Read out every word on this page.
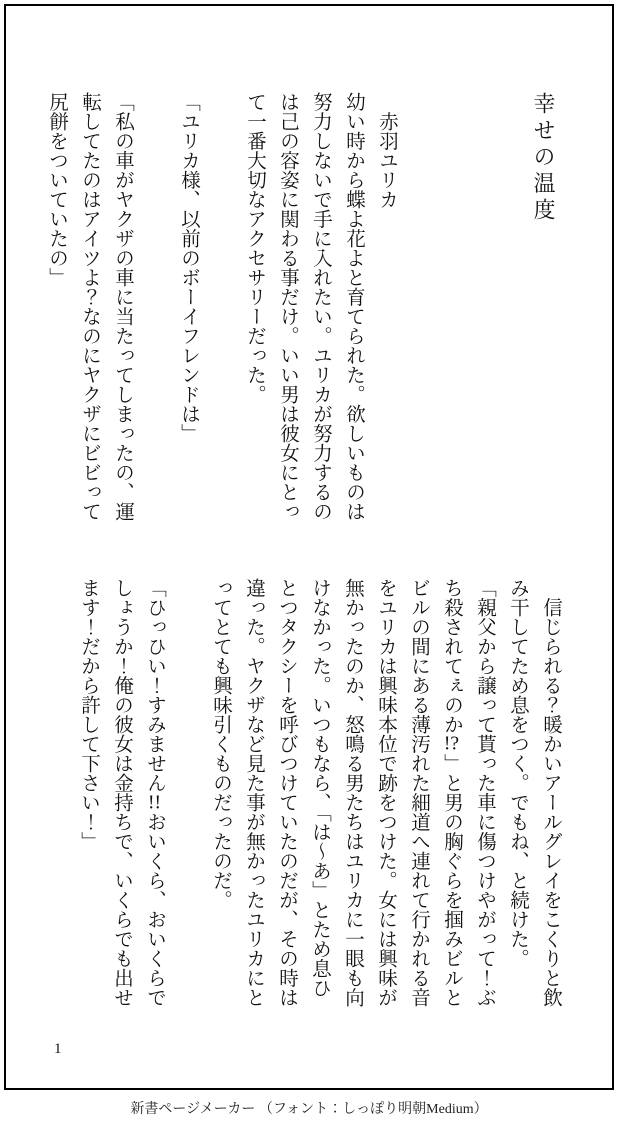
幸せの温度

　赤羽ユリカ

幼い時から蝶よ花よと育てられた。欲しいものは

努力しないで手に入れたい。ユリカが努力するの

は己の容姿に関わる事だけ。いい男は彼女にとっ

て一番大切なアクセサリーだった。

「ユリカ様、以前のボーイフレンドは」

「私の車がヤクザの車に当たってしまったの、運

転してたのはアイツよ？なのにヤクザにビビって

尻餅をついていたの」

　信じられる？暖かいアールグレイをこくりと飲

み干してため息をつく。でもね、と続けた。

「親父から譲って貰った車に傷つけやがって！ぶ

ち殺されてぇのか!?」と男の胸ぐらを掴みビルと

ビルの間にある薄汚れた細道へ連れて行かれる音

をユリカは興味本位で跡をつけた。女には興味が

無かったのか、怒鳴る男たちはユリカに一眼も向

けなかった。いつもなら、「は〜あ」とため息ひ

とつタクシーを呼びつけていたのだが、その時は

違った。ヤクザなど見た事が無かったユリカにと

ってとても興味引くものだったのだ。

「ひっひい！すみません!!おいくら、おいくらで

しょうか！俺の彼女は金持ちで、いくらでも出せ

ます！だから許して下さい！」

1
新書ページメーカー （フォント：しっぽり明朝Medium）
